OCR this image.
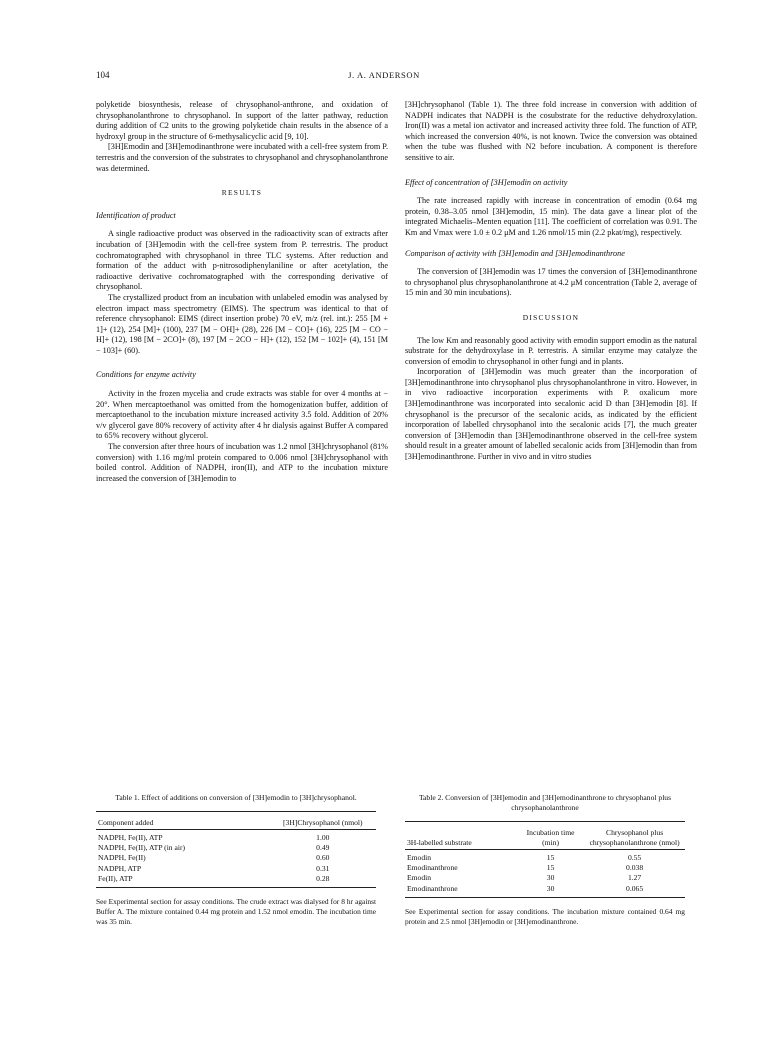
104	J. A. ANDERSON

polyketide biosynthesis, release of chrysophanol-anthrone, and oxidation of chrysophanolanthrone to chrysophanol. In support of the latter pathway, reduction during addition of C2 units to the growing polyketide chain results in the absence of a hydroxyl group in the structure of 6-methysalicyclic acid [9, 10].

[3H]Emodin and [3H]emodinanthrone were incubated with a cell-free system from P. terrestris and the conversion of the substrates to chrysophanol and chrysophanolanthrone was determined.

RESULTS
Identification of product

A single radioactive product was observed in the radioactivity scan of extracts after incubation of [3H]emodin with the cell-free system from P. terrestris. The product cochromatographed with chrysophanol in three TLC systems. After reduction and formation of the adduct with p-nitrosodiphenylaniline or after acetylation, the radioactive derivative cochromatographed with the corresponding derivative of chrysophanol.

The crystallized product from an incubation with unlabeled emodin was analysed by electron impact mass spectrometry (EIMS). The spectrum was identical to that of reference chrysophanol: EIMS (direct insertion probe) 70 eV, m/z (rel. int.): 255 [M + 1]+ (12), 254 [M]+ (100), 237 [M − OH]+ (28), 226 [M − CO]+ (16), 225 [M − CO − H]+ (12), 198 [M − 2CO]+ (8), 197 [M − 2CO − H]+ (12), 152 [M − 102]+ (4), 151 [M − 103]+ (60).

Conditions for enzyme activity

Activity in the frozen mycelia and crude extracts was stable for over 4 months at − 20°. When mercaptoethanol was omitted from the homogenization buffer, addition of mercaptoethanol to the incubation mixture increased activity 3.5 fold. Addition of 20% v/v glycerol gave 80% recovery of activity after 4 hr dialysis against Buffer A compared to 65% recovery without glycerol.

The conversion after three hours of incubation was 1.2 nmol [3H]chrysophanol (81% conversion) with 1.16 mg/ml protein compared to 0.006 nmol [3H]chrysophanol with boiled control. Addition of NADPH, iron(II), and ATP to the incubation mixture increased the conversion of [3H]emodin to

[3H]chrysophanol (Table 1). The three fold increase in conversion with addition of NADPH indicates that NADPH is the cosubstrate for the reductive dehydroxylation. Iron(II) was a metal ion activator and increased activity three fold. The function of ATP, which increased the conversion 40%, is not known. Twice the conversion was obtained when the tube was flushed with N2 before incubation. A component is therefore sensitive to air.

Effect of concentration of [3H]emodin on activity

The rate increased rapidly with increase in concentration of emodin (0.64 mg protein, 0.38–3.05 nmol [3H]emodin, 15 min). The data gave a linear plot of the integrated Michaelis–Menten equation [11]. The coefficient of correlation was 0.91. The Km and Vmax were 1.0 ± 0.2 μM and 1.26 nmol/15 min (2.2 pkat/mg), respectively.

Comparison of activity with [3H]emodin and [3H]emodinanthrone

The conversion of [3H]emodin was 17 times the conversion of [3H]emodinanthrone to chrysophanol plus chrysophanolanthrone at 4.2 μM concentration (Table 2, average of 15 min and 30 min incubations).

DISCUSSION

The low Km and reasonably good activity with emodin support emodin as the natural substrate for the dehydroxylase in P. terrestris. A similar enzyme may catalyze the conversion of emodin to chrysophanol in other fungi and in plants.

Incorporation of [3H]emodin was much greater than the incorporation of [3H]emodinanthrone into chrysophanol plus chrysophanolanthrone in vitro. However, in in vivo radioactive incorporation experiments with P. oxalicum more [3H]emodinanthrone was incorporated into secalonic acid D than [3H]emodin [8]. If chrysophanol is the precursor of the secalonic acids, as indicated by the efficient incorporation of labelled chrysophanol into the secalonic acids [7], the much greater conversion of [3H]emodin than [3H]emodinanthrone observed in the cell-free system should result in a greater amount of labelled secalonic acids from [3H]emodin than from [3H]emodinanthrone. Further in vivo and in vitro studies

Table 1. Effect of additions on conversion of [3H]emodin to [3H]chrysophanol.
Component added	[3H]Chrysophanol (nmol)

NADPH, Fe(II), ATP	1.00
NADPH, Fe(II), ATP (in air)	0.49
NADPH, Fe(II)	0.60
NADPH, ATP	0.31
Fe(II), ATP	0.28
See Experimental section for assay conditions. The crude extract was dialysed for 8 hr against Buffer A. The mixture contained 0.44 mg protein and 1.52 nmol emodin. The incubation time was 35 min.
Table 2. Conversion of [3H]emodin and [3H]emodinanthrone to chrysophanol plus chrysophanolanthrone
3H-labelled substrate	Incubation time (min)	Chrysophanol plus chrysophanolanthrone (nmol)

Emodin	15	0.55
Emodinanthrone	15	0.038
Emodin	30	1.27
Emodinanthrone	30	0.065
See Experimental section for assay conditions. The incubation mixture contained 0.64 mg protein and 2.5 nmol [3H]emodin or [3H]emodinanthrone.
